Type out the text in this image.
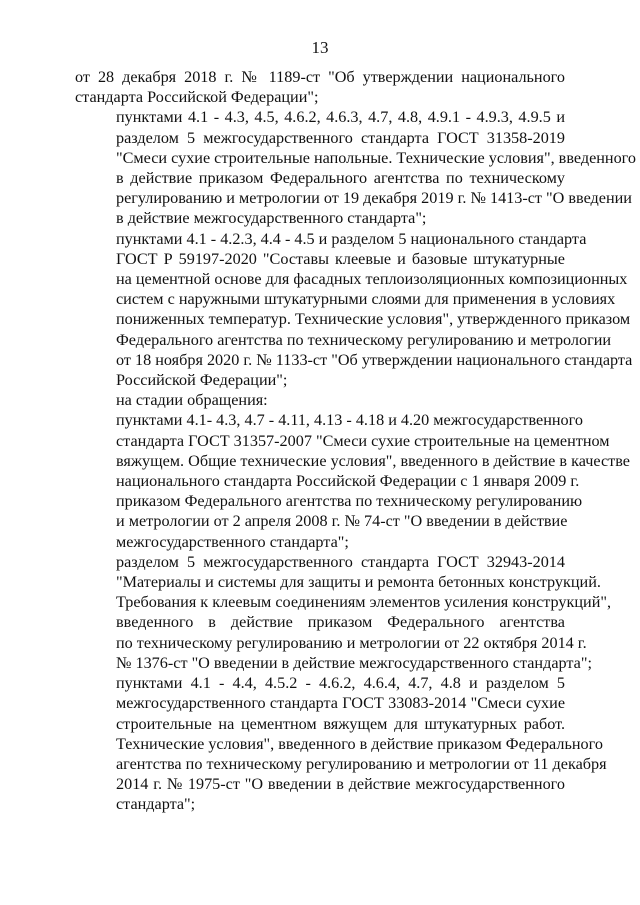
13

от 28 декабря 2018 г. № 1189-ст "Об утверждении национального
стандарта Российской Федерации";

пунктами 4.1 - 4.3, 4.5, 4.6.2, 4.6.3, 4.7, 4.8, 4.9.1 - 4.9.3, 4.9.5 и
разделом 5 межгосударственного стандарта ГОСТ 31358-2019
"Смеси сухие строительные напольные. Технические условия", введенного
в действие приказом Федерального агентства по техническому
регулированию и метрологии от 19 декабря 2019 г. № 1413-ст "О введении
в действие межгосударственного стандарта";

пунктами 4.1 - 4.2.3, 4.4 - 4.5 и разделом 5 национального стандарта
ГОСТ Р 59197-2020 "Составы клеевые и базовые штукатурные
на цементной основе для фасадных теплоизоляционных композиционных
систем с наружными штукатурными слоями для применения в условиях
пониженных температур. Технические условия", утвержденного приказом
Федерального агентства по техническому регулированию и метрологии
от 18 ноября 2020 г. № 1133-ст "Об утверждении национального стандарта
Российской Федерации";

на стадии обращения:

пунктами 4.1- 4.3, 4.7 - 4.11, 4.13 - 4.18 и 4.20 межгосударственного
стандарта ГОСТ 31357-2007 "Смеси сухие строительные на цементном
вяжущем. Общие технические условия", введенного в действие в качестве
национального стандарта Российской Федерации с 1 января 2009 г.
приказом Федерального агентства по техническому регулированию
и метрологии от 2 апреля 2008 г. № 74-ст "О введении в действие
межгосударственного стандарта";

разделом 5 межгосударственного стандарта ГОСТ 32943-2014
"Материалы и системы для защиты и ремонта бетонных конструкций.
Требования к клеевым соединениям элементов усиления конструкций",
введенного в действие приказом Федерального агентства
по техническому регулированию и метрологии от 22 октября 2014 г.
№ 1376-ст "О введении в действие межгосударственного стандарта";

пунктами 4.1 - 4.4, 4.5.2 - 4.6.2, 4.6.4, 4.7, 4.8 и разделом 5
межгосударственного стандарта ГОСТ 33083-2014 "Смеси сухие
строительные на цементном вяжущем для штукатурных работ.
Технические условия", введенного в действие приказом Федерального
агентства по техническому регулированию и метрологии от 11 декабря
2014 г. № 1975-ст "О введении в действие межгосударственного
стандарта";
